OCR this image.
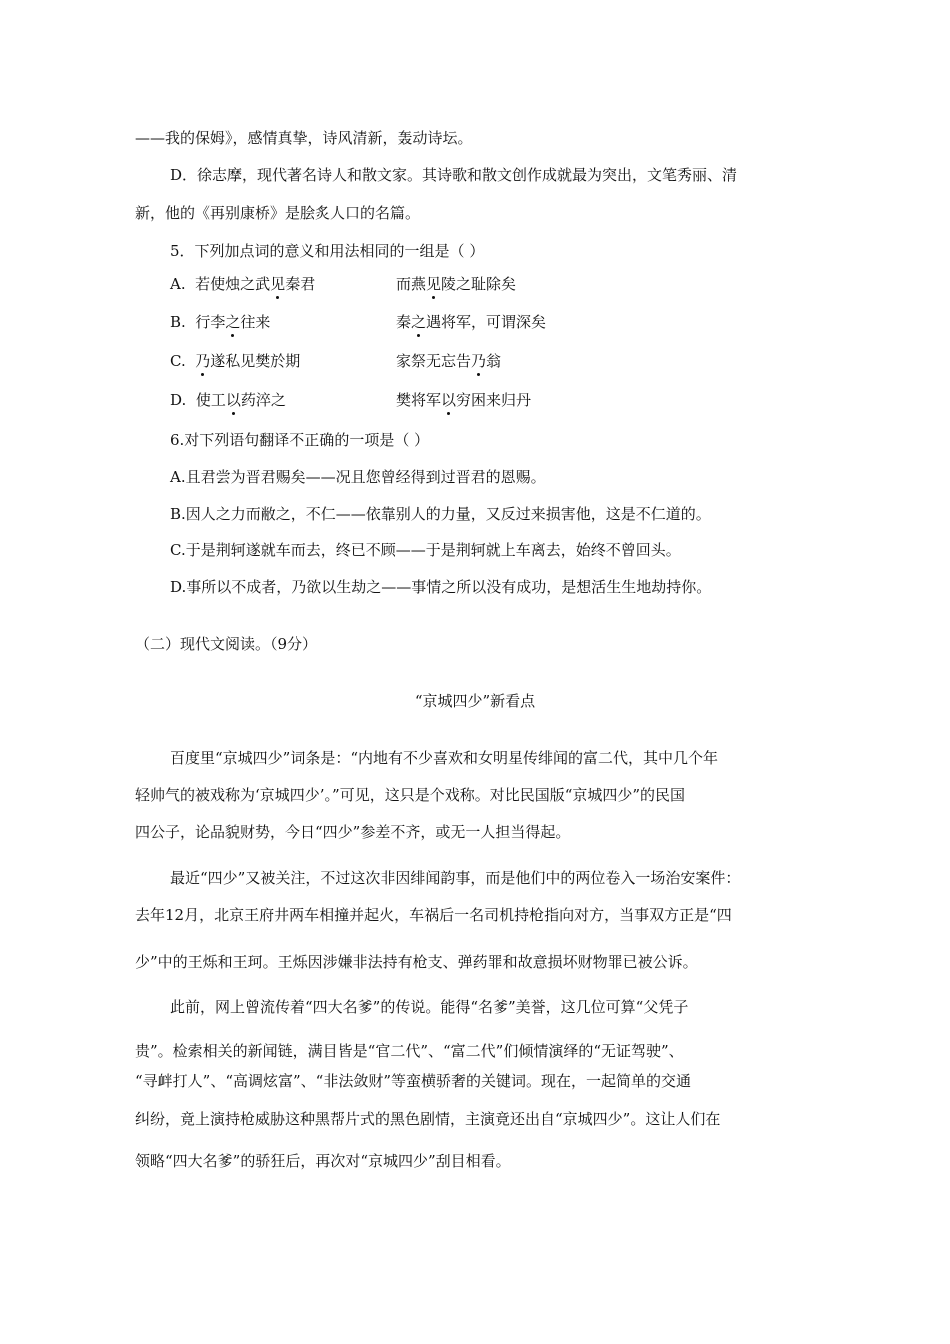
——我的保姆》，感情真挚，诗风清新，轰动诗坛。
D．徐志摩，现代著名诗人和散文家。其诗歌和散文创作成就最为突出，文笔秀丽、清
新，他的《再别康桥》是脍炙人口的名篇。
5．下列加点词的意义和用法相同的一组是（ ）
A. 若使烛之武见秦君	而燕见陵之耻除矣
B. 行李之往来	秦之遇将军，可谓深矣
C. 乃遂私见樊於期	家祭无忘告乃翁
D. 使工以药淬之	樊将军以穷困来归丹
6.对下列语句翻译不正确的一项是（ ）
A.且君尝为晋君赐矣——况且您曾经得到过晋君的恩赐。
B.因人之力而敝之，不仁——依靠别人的力量，又反过来损害他，这是不仁道的。
C.于是荆轲遂就车而去，终已不顾——于是荆轲就上车离去，始终不曾回头。
D.事所以不成者，乃欲以生劫之——事情之所以没有成功，是想活生生地劫持你。
（二）现代文阅读。（9分）
“京城四少”新看点
百度里“京城四少”词条是：“内地有不少喜欢和女明星传绯闻的富二代，其中几个年
轻帅气的被戏称为‘京城四少’。”可见，这只是个戏称。对比民国版“京城四少”的民国
四公子，论品貌财势，今日“四少”参差不齐，或无一人担当得起。
最近“四少”又被关注，不过这次非因绯闻韵事，而是他们中的两位卷入一场治安案件：
去年12月，北京王府井两车相撞并起火，车祸后一名司机持枪指向对方，当事双方正是“四
少”中的王烁和王珂。王烁因涉嫌非法持有枪支、弹药罪和故意损坏财物罪已被公诉。
此前，网上曾流传着“四大名爹”的传说。能得“名爹”美誉，这几位可算“父凭子
贵”。检索相关的新闻链，满目皆是“官二代”、“富二代”们倾情演绎的“无证驾驶”、
“寻衅打人”、“高调炫富”、“非法敛财”等蛮横骄奢的关键词。现在，一起简单的交通
纠纷，竟上演持枪威胁这种黑帮片式的黑色剧情，主演竟还出自“京城四少”。这让人们在
领略“四大名爹”的骄狂后，再次对“京城四少”刮目相看。
